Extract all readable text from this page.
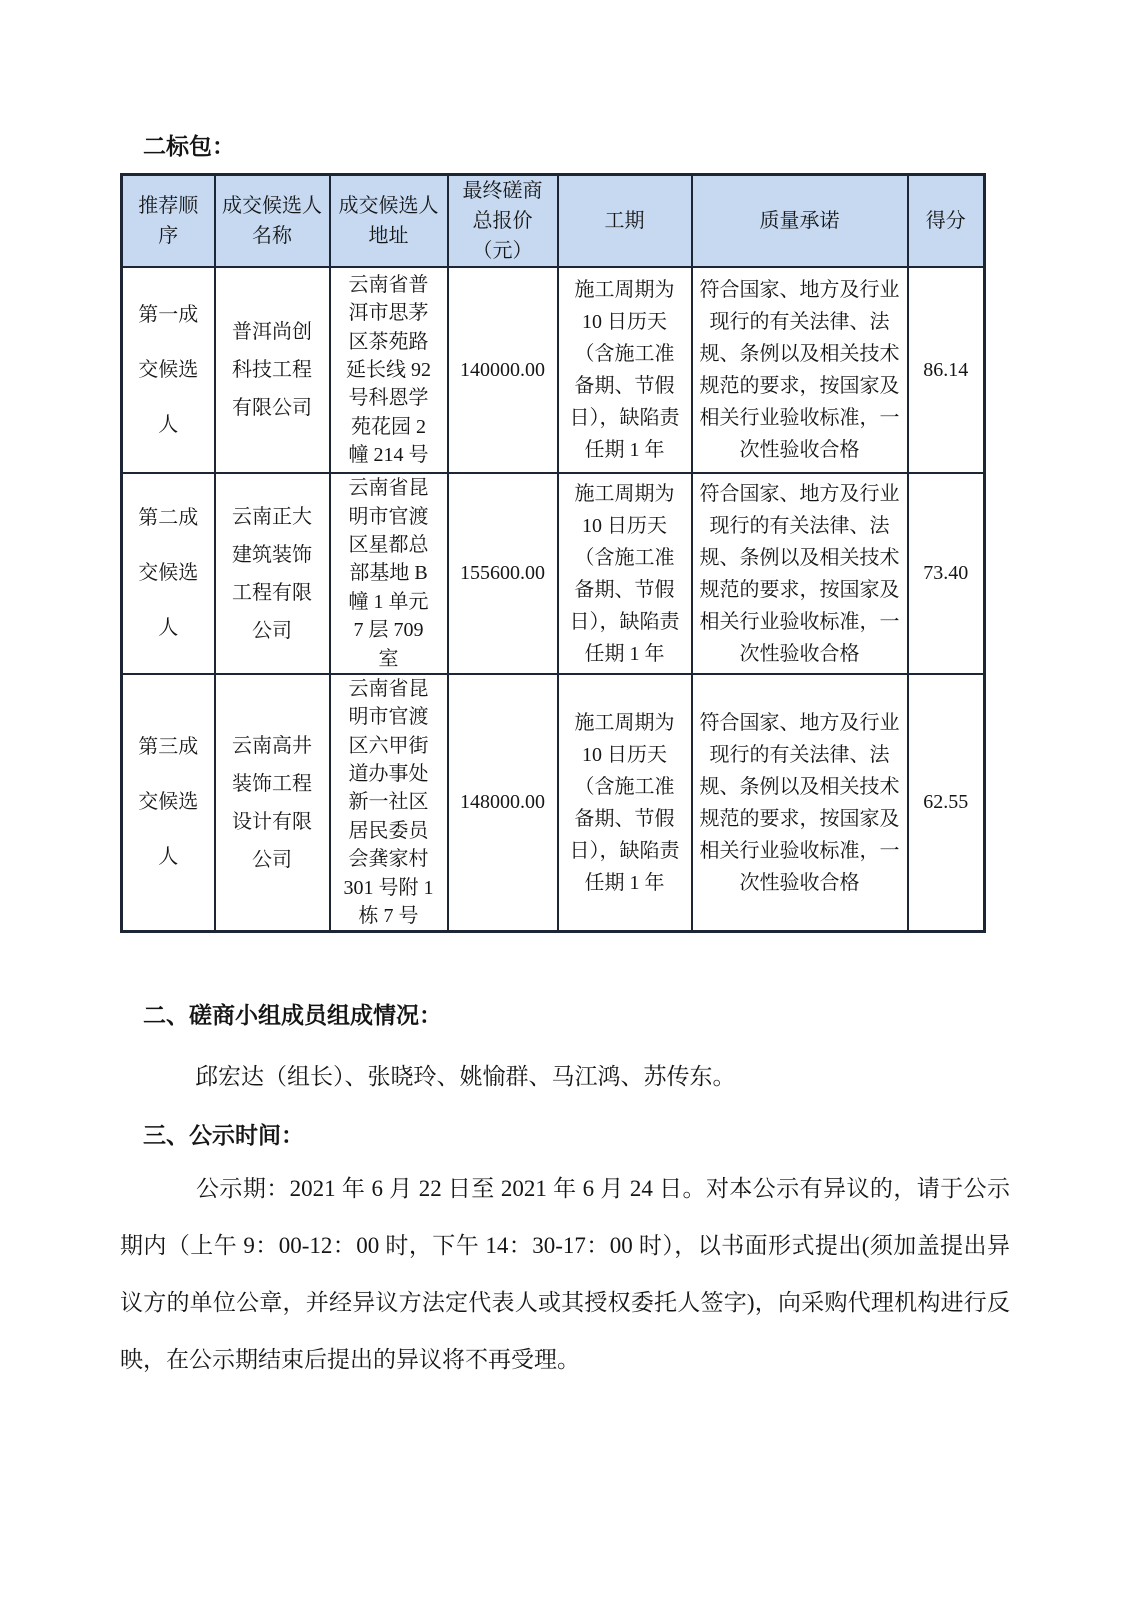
二标包：
推荐顺序	成交候选人名称	成交候选人地址	最终磋商总报价（元）	工期	质量承诺	得分
第一成交候选人	普洱尚创科技工程有限公司	云南省普洱市思茅区茶苑路延长线 92 号科恩学苑花园 2 幢 214 号	140000.00	施工周期为 10 日历天（含施工准备期、节假日），缺陷责任期 1 年	符合国家、地方及行业现行的有关法律、法规、条例以及相关技术规范的要求，按国家及相关行业验收标准，一次性验收合格	86.14
第二成交候选人	云南正大建筑装饰工程有限公司	云南省昆明市官渡区星都总部基地 B 幢 1 单元 7 层 709 室	155600.00	施工周期为 10 日历天（含施工准备期、节假日），缺陷责任期 1 年	符合国家、地方及行业现行的有关法律、法规、条例以及相关技术规范的要求，按国家及相关行业验收标准，一次性验收合格	73.40
第三成交候选人	云南高井装饰工程设计有限公司	云南省昆明市官渡区六甲街道办事处新一社区居民委员会龚家村 301 号附 1 栋 7 号	148000.00	施工周期为 10 日历天（含施工准备期、节假日），缺陷责任期 1 年	符合国家、地方及行业现行的有关法律、法规、条例以及相关技术规范的要求，按国家及相关行业验收标准，一次性验收合格	62.55
二、磋商小组成员组成情况：

邱宏达（组长）、张晓玲、姚愉群、马江鸿、苏传东。

三、公示时间：

公示期：2021 年 6 月 22 日至 2021 年 6 月 24 日。对本公示有异议的，请于公示期内（上午 9：00-12：00 时，下午 14：30-17：00 时），以书面形式提出(须加盖提出异议方的单位公章，并经异议方法定代表人或其授权委托人签字)，向采购代理机构进行反映，在公示期结束后提出的异议将不再受理。
